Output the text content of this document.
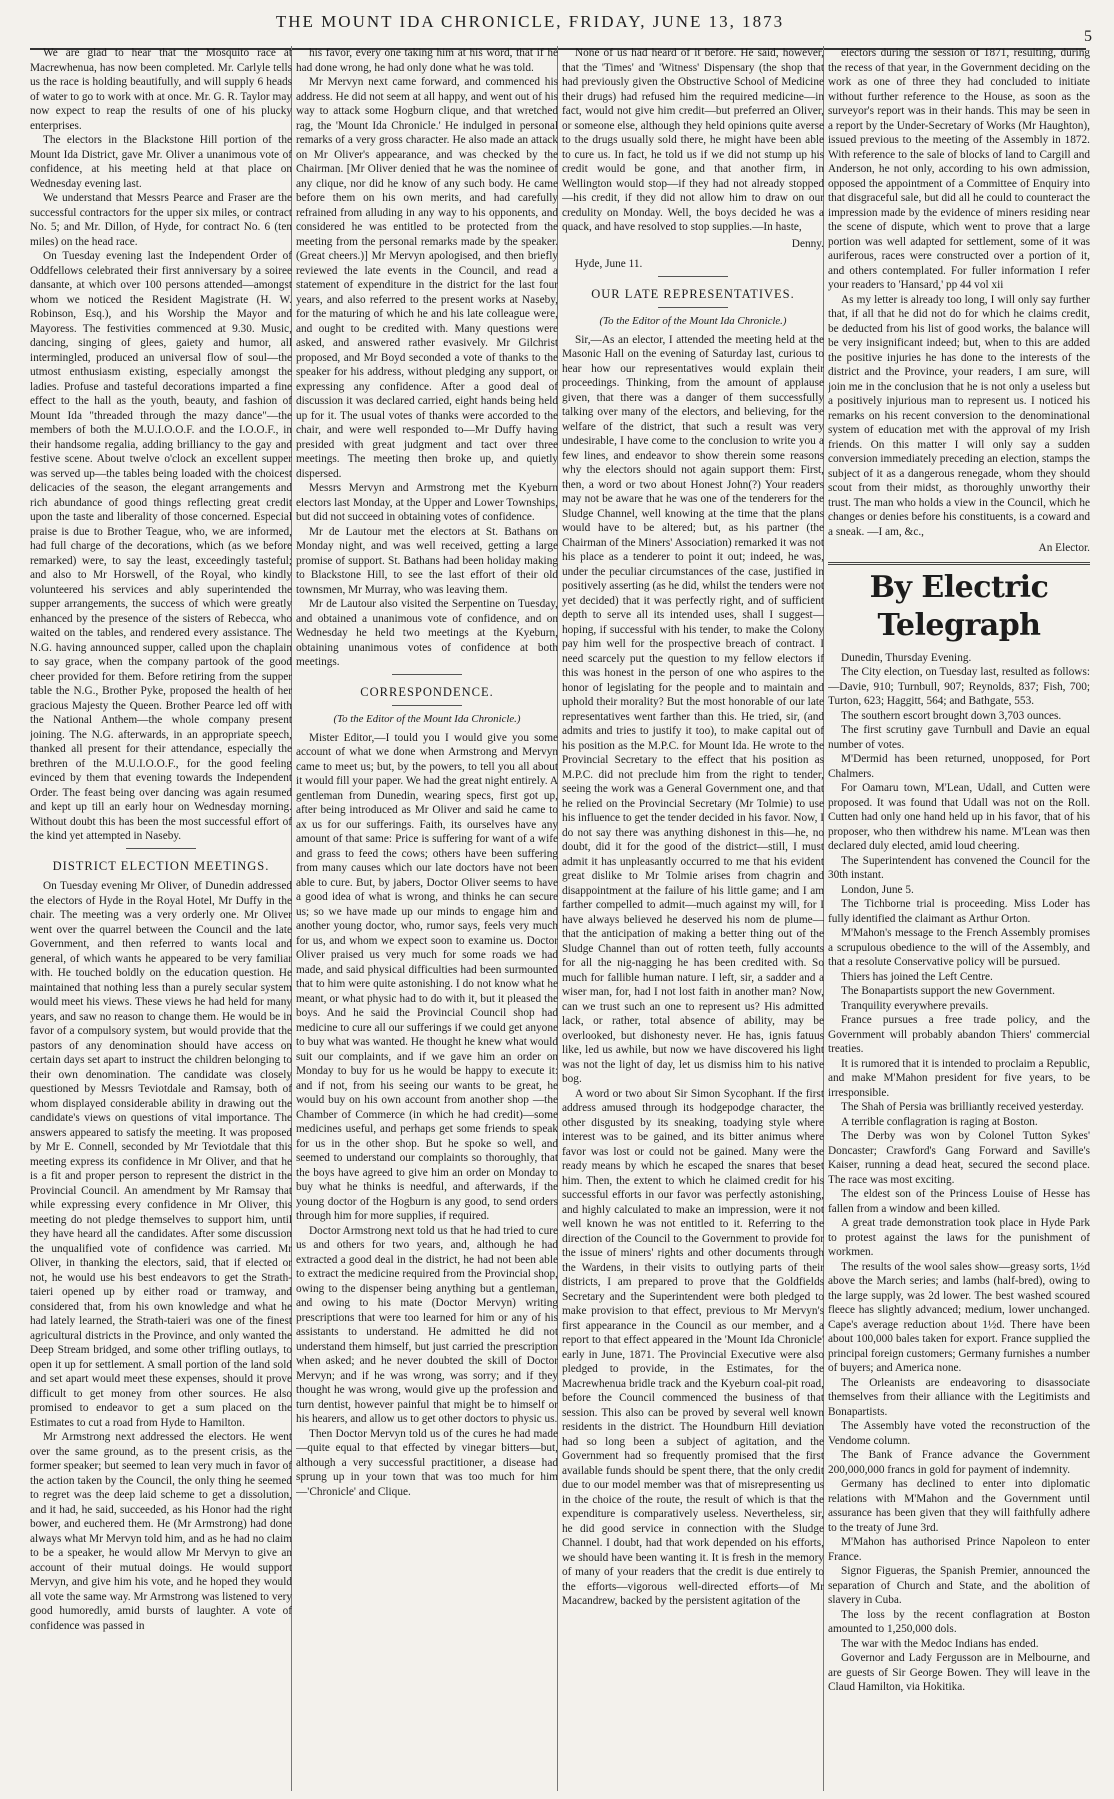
THE MOUNT IDA CHRONICLE, FRIDAY, JUNE 13, 1873
5

We are glad to hear that the Mosquito race at Macrewhenua, has now been completed. Mr. Carlyle tells us the race is holding beautifully, and will supply 6 heads of water to go to work with at once. Mr. G. R. Taylor may now expect to reap the results of one of his plucky enterprises.

The electors in the Blackstone Hill portion of the Mount Ida District, gave Mr. Oliver a unanimous vote of confidence, at his meeting held at that place on Wednesday evening last.

We understand that Messrs Pearce and Fraser are the successful contractors for the upper six miles, or contract No. 5; and Mr. Dillon, of Hyde, for contract No. 6 (ten miles) on the head race.

On Tuesday evening last the Independent Order of Oddfellows celebrated their first anniversary by a soiree dansante, at which over 100 persons attended—amongst whom we noticed the Resident Magistrate (H. W. Robinson, Esq.), and his Worship the Mayor and Mayoress. The festivities commenced at 9.30. Music, dancing, singing of glees, gaiety and humor, all intermingled, produced an universal flow of soul—the utmost enthusiasm existing, especially amongst the ladies. Profuse and tasteful decorations imparted a fine effect to the hall as the youth, beauty, and fashion of Mount Ida "threaded through the mazy dance"—the members of both the M.U.I.O.O.F. and the I.O.O.F., in their handsome regalia, adding brilliancy to the gay and festive scene. About twelve o'clock an excellent supper was served up—the tables being loaded with the choicest delicacies of the season, the elegant arrangements and rich abundance of good things reflecting great credit upon the taste and liberality of those concerned. Especial praise is due to Brother Teague, who, we are informed, had full charge of the decorations, which (as we before remarked) were, to say the least, exceedingly tasteful; and also to Mr Horswell, of the Royal, who kindly volunteered his services and ably superintended the supper arrangements, the success of which were greatly enhanced by the presence of the sisters of Rebecca, who waited on the tables, and rendered every assistance. The N.G. having announced supper, called upon the chaplain to say grace, when the company partook of the good cheer provided for them. Before retiring from the supper table the N.G., Brother Pyke, proposed the health of her gracious Majesty the Queen. Brother Pearce led off with the National Anthem—the whole company present joining. The N.G. afterwards, in an appropriate speech, thanked all present for their attendance, especially the brethren of the M.U.I.O.O.F., for the good feeling evinced by them that evening towards the Independent Order. The feast being over dancing was again resumed and kept up till an early hour on Wednesday morning. Without doubt this has been the most successful effort of the kind yet attempted in Naseby.

DISTRICT ELECTION MEETINGS.

On Tuesday evening Mr Oliver, of Dunedin addressed the electors of Hyde in the Royal Hotel, Mr Duffy in the chair. The meeting was a very orderly one. Mr Oliver went over the quarrel between the Council and the late Government, and then referred to wants local and general, of which wants he appeared to be very familiar with. He touched boldly on the education question. He maintained that nothing less than a purely secular system would meet his views. These views he had held for many years, and saw no reason to change them. He would be in favor of a compulsory system, but would provide that the pastors of any denomination should have access on certain days set apart to instruct the children belonging to their own denomination. The candidate was closely questioned by Messrs Teviotdale and Ramsay, both of whom displayed considerable ability in drawing out the candidate's views on questions of vital importance. The answers appeared to satisfy the meeting. It was proposed by Mr E. Connell, seconded by Mr Teviotdale that this meeting express its confidence in Mr Oliver, and that he is a fit and proper person to represent the district in the Provincial Council. An amendment by Mr Ramsay that while expressing every confidence in Mr Oliver, this meeting do not pledge themselves to support him, until they have heard all the candidates. After some discussion the unqualified vote of confidence was carried. Mr Oliver, in thanking the electors, said, that if elected or not, he would use his best endeavors to get the Strath-taieri opened up by either road or tramway, and considered that, from his own knowledge and what he had lately learned, the Strath-taieri was one of the finest agricultural districts in the Province, and only wanted the Deep Stream bridged, and some other trifling outlays, to open it up for settlement. A small portion of the land sold and set apart would meet these expenses, should it prove difficult to get money from other sources. He also promised to endeavor to get a sum placed on the Estimates to cut a road from Hyde to Hamilton.

Mr Armstrong next addressed the electors. He went over the same ground, as to the present crisis, as the former speaker; but seemed to lean very much in favor of the action taken by the Council, the only thing he seemed to regret was the deep laid scheme to get a dissolution, and it had, he said, succeeded, as his Honor had the right bower, and euchered them. He (Mr Armstrong) had done always what Mr Mervyn told him, and as he had no claim to be a speaker, he would allow Mr Mervyn to give an account of their mutual doings. He would support Mervyn, and give him his vote, and he hoped they would all vote the same way. Mr Armstrong was listened to very good humoredly, amid bursts of laughter. A vote of confidence was passed in

his favor, every one taking him at his word, that if he had done wrong, he had only done what he was told.

Mr Mervyn next came forward, and commenced his address. He did not seem at all happy, and went out of his way to attack some Hogburn clique, and that wretched rag, the 'Mount Ida Chronicle.' He indulged in personal remarks of a very gross character. He also made an attack on Mr Oliver's appearance, and was checked by the Chairman. [Mr Oliver denied that he was the nominee of any clique, nor did he know of any such body. He came before them on his own merits, and had carefully refrained from alluding in any way to his opponents, and considered he was entitled to be protected from the meeting from the personal remarks made by the speaker. (Great cheers.)] Mr Mervyn apologised, and then briefly reviewed the late events in the Council, and read a statement of expenditure in the district for the last four years, and also referred to the present works at Naseby, for the maturing of which he and his late colleague were, and ought to be credited with. Many questions were asked, and answered rather evasively. Mr Gilchrist proposed, and Mr Boyd seconded a vote of thanks to the speaker for his address, without pledging any support, or expressing any confidence. After a good deal of discussion it was declared carried, eight hands being held up for it. The usual votes of thanks were accorded to the chair, and were well responded to—Mr Duffy having presided with great judgment and tact over three meetings. The meeting then broke up, and quietly dispersed.

Messrs Mervyn and Armstrong met the Kyeburn electors last Monday, at the Upper and Lower Townships, but did not succeed in obtaining votes of confidence.

Mr de Lautour met the electors at St. Bathans on Monday night, and was well received, getting a large promise of support. St. Bathans had been holiday making to Blackstone Hill, to see the last effort of their old townsmen, Mr Murray, who was leaving them.

Mr de Lautour also visited the Serpentine on Tuesday, and obtained a unanimous vote of confidence, and on Wednesday he held two meetings at the Kyeburn, obtaining unanimous votes of confidence at both meetings.

CORRESPONDENCE.

(To the Editor of the Mount Ida Chronicle.)

Mister Editor,—I tould you I would give you some account of what we done when Armstrong and Mervyn came to meet us; but, by the powers, to tell you all about it would fill your paper. We had the great night entirely. A gentleman from Dunedin, wearing specs, first got up, after being introduced as Mr Oliver and said he came to ax us for our sufferings. Faith, its ourselves have any amount of that same: Price is suffering for want of a wife and grass to feed the cows; others have been suffering from many causes which our late doctors have not been able to cure. But, by jabers, Doctor Oliver seems to have a good idea of what is wrong, and thinks he can secure us; so we have made up our minds to engage him and another young doctor, who, rumor says, feels very much for us, and whom we expect soon to examine us. Doctor Oliver praised us very much for some roads we had made, and said physical difficulties had been surmounted that to him were quite astonishing. I do not know what he meant, or what physic had to do with it, but it pleased the boys. And he said the Provincial Council shop had medicine to cure all our sufferings if we could get anyone to buy what was wanted. He thought he knew what would suit our complaints, and if we gave him an order on Monday to buy for us he would be happy to execute it: and if not, from his seeing our wants to be great, he would buy on his own account from another shop —the Chamber of Commerce (in which he had credit)—some medicines useful, and perhaps get some friends to speak for us in the other shop. But he spoke so well, and seemed to understand our complaints so thoroughly, that the boys have agreed to give him an order on Monday to buy what he thinks is needful, and afterwards, if the young doctor of the Hogburn is any good, to send orders through him for more supplies, if required.

Doctor Armstrong next told us that he had tried to cure us and others for two years, and, although he had extracted a good deal in the district, he had not been able to extract the medicine required from the Provincial shop, owing to the dispenser being anything but a gentleman, and owing to his mate (Doctor Mervyn) writing prescriptions that were too learned for him or any of his assistants to understand. He admitted he did not understand them himself, but just carried the prescription when asked; and he never doubted the skill of Doctor Mervyn; and if he was wrong, was sorry; and if they thought he was wrong, would give up the profession and turn dentist, however painful that might be to himself or his hearers, and allow us to get other doctors to physic us.

Then Doctor Mervyn told us of the cures he had made—quite equal to that effected by vinegar bitters—but, although a very successful practitioner, a disease had sprung up in your town that was too much for him—'Chronicle' and Clique.

None of us had heard of it before. He said, however, that the 'Times' and 'Witness' Dispensary (the shop that had previously given the Obstructive School of Medicine their drugs) had refused him the required medicine—in fact, would not give him credit—but preferred an Oliver, or someone else, although they held opinions quite averse to the drugs usually sold there, he might have been able to cure us. In fact, he told us if we did not stump up his credit would be gone, and that another firm, in Wellington would stop—if they had not already stopped—his credit, if they did not allow him to draw on our credulity on Monday. Well, the boys decided he was a quack, and have resolved to stop supplies.—In haste,

Denny.

Hyde, June 11.

OUR LATE REPRESENTATIVES.

(To the Editor of the Mount Ida Chronicle.)

Sir,—As an elector, I attended the meeting held at the Masonic Hall on the evening of Saturday last, curious to hear how our representatives would explain their proceedings. Thinking, from the amount of applause given, that there was a danger of them successfully talking over many of the electors, and believing, for the welfare of the district, that such a result was very undesirable, I have come to the conclusion to write you a few lines, and endeavor to show therein some reasons why the electors should not again support them: First, then, a word or two about Honest John(?) Your readers may not be aware that he was one of the tenderers for the Sludge Channel, well knowing at the time that the plans would have to be altered; but, as his partner (the Chairman of the Miners' Association) remarked it was not his place as a tenderer to point it out; indeed, he was, under the peculiar circumstances of the case, justified in positively asserting (as he did, whilst the tenders were not yet decided) that it was perfectly right, and of sufficient depth to serve all its intended uses, shall I suggest—hoping, if successful with his tender, to make the Colony pay him well for the prospective breach of contract. I need scarcely put the question to my fellow electors if this was honest in the person of one who aspires to the honor of legislating for the people and to maintain and uphold their morality? But the most honorable of our late representatives went farther than this. He tried, sir, (and admits and tries to justify it too), to make capital out of his position as the M.P.C. for Mount Ida. He wrote to the Provincial Secretary to the effect that his position as M.P.C. did not preclude him from the right to tender, seeing the work was a General Government one, and that he relied on the Provincial Secretary (Mr Tolmie) to use his influence to get the tender decided in his favor. Now, I do not say there was anything dishonest in this—he, no doubt, did it for the good of the district—still, I must admit it has unpleasantly occurred to me that his evident great dislike to Mr Tolmie arises from chagrin and disappointment at the failure of his little game; and I am farther compelled to admit—much against my will, for I have always believed he deserved his nom de plume—that the anticipation of making a better thing out of the Sludge Channel than out of rotten teeth, fully accounts for all the nig-nagging he has been credited with. So much for fallible human nature. I left, sir, a sadder and a wiser man, for, had I not lost faith in another man? Now, can we trust such an one to represent us? His admitted lack, or rather, total absence of ability, may be overlooked, but dishonesty never. He has, ignis fatuus like, led us awhile, but now we have discovered his light was not the light of day, let us dismiss him to his native bog.

A word or two about Sir Simon Sycophant. If the first address amused through its hodgepodge character, the other disgusted by its sneaking, toadying style where interest was to be gained, and its bitter animus where favor was lost or could not be gained. Many were the ready means by which he escaped the snares that beset him. Then, the extent to which he claimed credit for his successful efforts in our favor was perfectly astonishing, and highly calculated to make an impression, were it not well known he was not entitled to it. Referring to the direction of the Council to the Government to provide for the issue of miners' rights and other documents through the Wardens, in their visits to outlying parts of their districts, I am prepared to prove that the Goldfields Secretary and the Superintendent were both pledged to make provision to that effect, previous to Mr Mervyn's first appearance in the Council as our member, and a report to that effect appeared in the 'Mount Ida Chronicle' early in June, 1871. The Provincial Executive were also pledged to provide, in the Estimates, for the Macrewhenua bridle track and the Kyeburn coal-pit road, before the Council commenced the business of that session. This also can be proved by several well known residents in the district. The Houndburn Hill deviation had so long been a subject of agitation, and the Government had so frequently promised that the first available funds should be spent there, that the only credit due to our model member was that of misrepresenting us in the choice of the route, the result of which is that the expenditure is comparatively useless. Nevertheless, sir, he did good service in connection with the Sludge Channel. I doubt, had that work depended on his efforts, we should have been wanting it. It is fresh in the memory of many of your readers that the credit is due entirely to the efforts—vigorous well-directed efforts—of Mr Macandrew, backed by the persistent agitation of the

electors during the session of 1871, resulting, during the recess of that year, in the Government deciding on the work as one of three they had concluded to initiate without further reference to the House, as soon as the surveyor's report was in their hands. This may be seen in a report by the Under-Secretary of Works (Mr Haughton), issued previous to the meeting of the Assembly in 1872. With reference to the sale of blocks of land to Cargill and Anderson, he not only, according to his own admission, opposed the appointment of a Committee of Enquiry into that disgraceful sale, but did all he could to counteract the impression made by the evidence of miners residing near the scene of dispute, which went to prove that a large portion was well adapted for settlement, some of it was auriferous, races were constructed over a portion of it, and others contemplated. For fuller information I refer your readers to 'Hansard,' pp 44 vol xii

As my letter is already too long, I will only say further that, if all that he did not do for which he claims credit, be deducted from his list of good works, the balance will be very insignificant indeed; but, when to this are added the positive injuries he has done to the interests of the district and the Province, your readers, I am sure, will join me in the conclusion that he is not only a useless but a positively injurious man to represent us. I noticed his remarks on his recent conversion to the denominational system of education met with the approval of my Irish friends. On this matter I will only say a sudden conversion immediately preceding an election, stamps the subject of it as a dangerous renegade, whom they should scout from their midst, as thoroughly unworthy their trust. The man who holds a view in the Council, which he changes or denies before his constituents, is a coward and a sneak. —I am, &c.,

An Elector.

By Electric Telegraph

Dunedin, Thursday Evening.

The City election, on Tuesday last, resulted as follows:—Davie, 910; Turnbull, 907; Reynolds, 837; Fish, 700; Turton, 623; Haggitt, 564; and Bathgate, 553.

The southern escort brought down 3,703 ounces.

The first scrutiny gave Turnbull and Davie an equal number of votes.

M'Dermid has been returned, unopposed, for Port Chalmers.

For Oamaru town, M'Lean, Udall, and Cutten were proposed. It was found that Udall was not on the Roll. Cutten had only one hand held up in his favor, that of his proposer, who then withdrew his name. M'Lean was then declared duly elected, amid loud cheering.

The Superintendent has convened the Council for the 30th instant.

London, June 5.

The Tichborne trial is proceeding. Miss Loder has fully identified the claimant as Arthur Orton.

M'Mahon's message to the French Assembly promises a scrupulous obedience to the will of the Assembly, and that a resolute Conservative policy will be pursued.

Thiers has joined the Left Centre.

The Bonapartists support the new Government.

Tranquility everywhere prevails.

France pursues a free trade policy, and the Government will probably abandon Thiers' commercial treaties.

It is rumored that it is intended to proclaim a Republic, and make M'Mahon president for five years, to be irresponsible.

The Shah of Persia was brilliantly received yesterday.

A terrible conflagration is raging at Boston.

The Derby was won by Colonel Tutton Sykes' Doncaster; Crawford's Gang Forward and Saville's Kaiser, running a dead heat, secured the second place. The race was most exciting.

The eldest son of the Princess Louise of Hesse has fallen from a window and been killed.

A great trade demonstration took place in Hyde Park to protest against the laws for the punishment of workmen.

The results of the wool sales show—greasy sorts, 1½d above the March series; and lambs (half-bred), owing to the large supply, was 2d lower. The best washed scoured fleece has slightly advanced; medium, lower unchanged. Cape's average reduction about 1½d. There have been about 100,000 bales taken for export. France supplied the principal foreign customers; Germany furnishes a number of buyers; and America none.

The Orleanists are endeavoring to disassociate themselves from their alliance with the Legitimists and Bonapartists.

The Assembly have voted the reconstruction of the Vendome column.

The Bank of France advance the Government 200,000,000 francs in gold for payment of indemnity.

Germany has declined to enter into diplomatic relations with M'Mahon and the Government until assurance has been given that they will faithfully adhere to the treaty of June 3rd.

M'Mahon has authorised Prince Napoleon to enter France.

Signor Figueras, the Spanish Premier, announced the separation of Church and State, and the abolition of slavery in Cuba.

The loss by the recent conflagration at Boston amounted to 1,250,000 dols.

The war with the Medoc Indians has ended.

Governor and Lady Fergusson are in Melbourne, and are guests of Sir George Bowen. They will leave in the Claud Hamilton, via Hokitika.
